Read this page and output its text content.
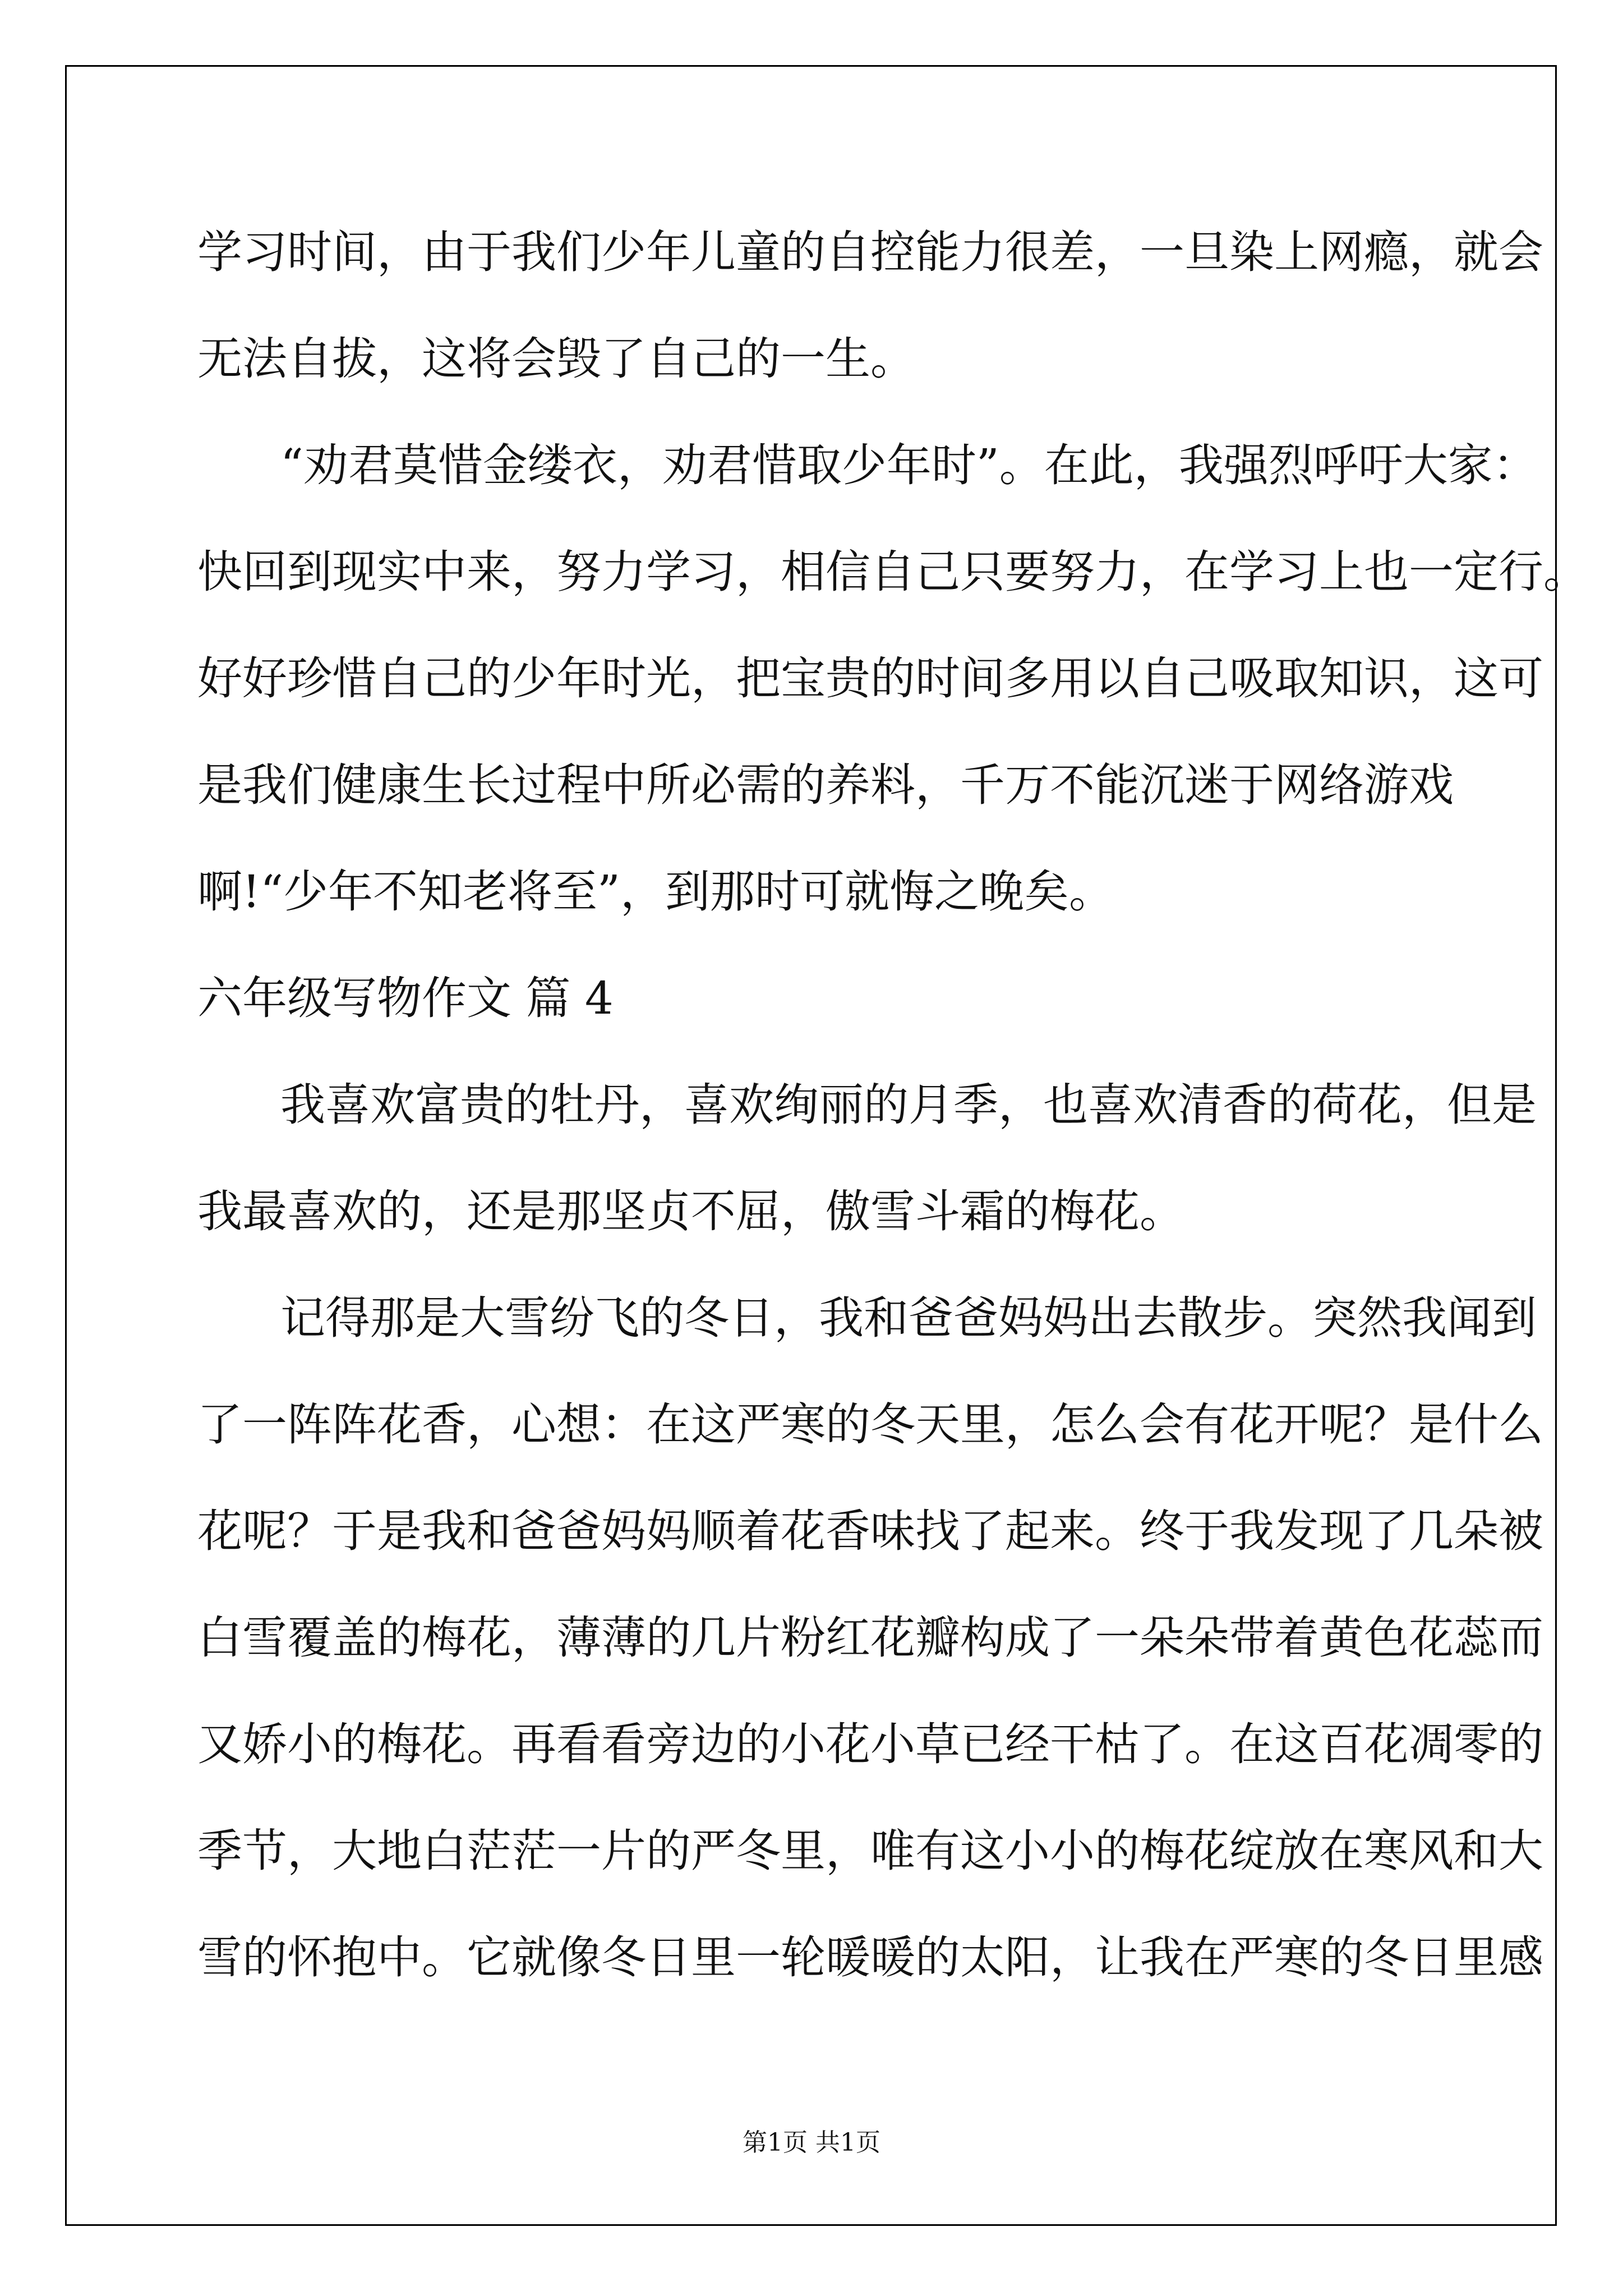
学习时间，由于我们少年儿童的自控能力很差，一旦染上网瘾，就会
无法自拔，这将会毁了自己的一生。
“劝君莫惜金缕衣，劝君惜取少年时”。在此，我强烈呼吁大家：
快回到现实中来，努力学习，相信自己只要努力，在学习上也一定行。
好好珍惜自己的少年时光，把宝贵的时间多用以自己吸取知识，这可
是我们健康生长过程中所必需的养料，千万不能沉迷于网络游戏
啊!“少年不知老将至”，到那时可就悔之晚矣。
六年级写物作文 篇 4
我喜欢富贵的牡丹，喜欢绚丽的月季，也喜欢清香的荷花，但是
我最喜欢的，还是那坚贞不屈，傲雪斗霜的梅花。
记得那是大雪纷飞的冬日，我和爸爸妈妈出去散步。突然我闻到
了一阵阵花香，心想：在这严寒的冬天里，怎么会有花开呢？是什么
花呢？于是我和爸爸妈妈顺着花香味找了起来。终于我发现了几朵被
白雪覆盖的梅花，薄薄的几片粉红花瓣构成了一朵朵带着黄色花蕊而
又娇小的梅花。再看看旁边的小花小草已经干枯了。在这百花凋零的
季节，大地白茫茫一片的严冬里，唯有这小小的梅花绽放在寒风和大
雪的怀抱中。它就像冬日里一轮暖暖的太阳，让我在严寒的冬日里感
第1页 共1页
